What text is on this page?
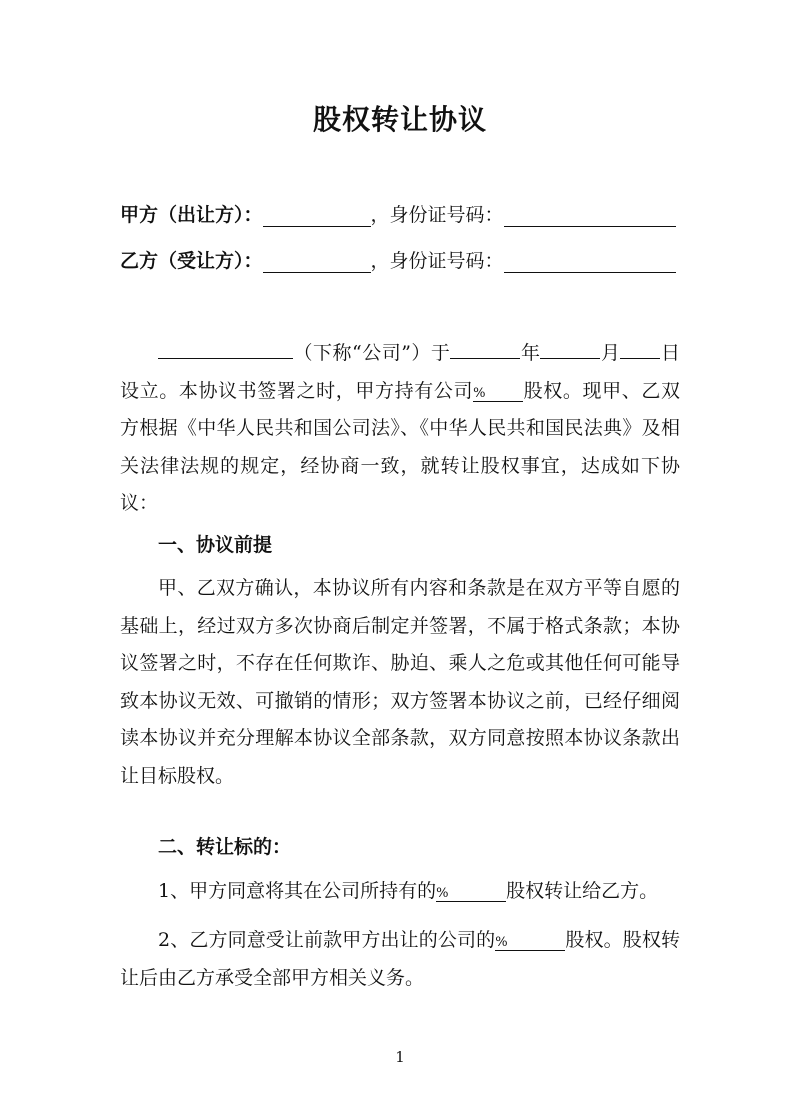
股权转让协议
甲方（出让方）：	，身份证号码：
乙方（受让方）：	，身份证号码：
（下称“公司”）于	年	月 日设立。本协议书签署之时，甲方持有公司% 股权。现甲、乙双方根据《中华人民共和国公司法》、《中华人民共和国民法典》及相关法律法规的规定，经协商一致，就转让股权事宜，达成如下协议：
一、协议前提
甲、乙双方确认，本协议所有内容和条款是在双方平等自愿的基础上，经过双方多次协商后制定并签署，不属于格式条款；本协议签署之时，不存在任何欺诈、胁迫、乘人之危或其他任何可能导致本协议无效、可撤销的情形；双方签署本协议之前，已经仔细阅读本协议并充分理解本协议全部条款，双方同意按照本协议条款出让目标股权。
二、转让标的：
1、甲方同意将其在公司所持有的%	股权转让给乙方。
2、乙方同意受让前款甲方出让的公司的%	股权。股权转让后由乙方承受全部甲方相关义务。
1
